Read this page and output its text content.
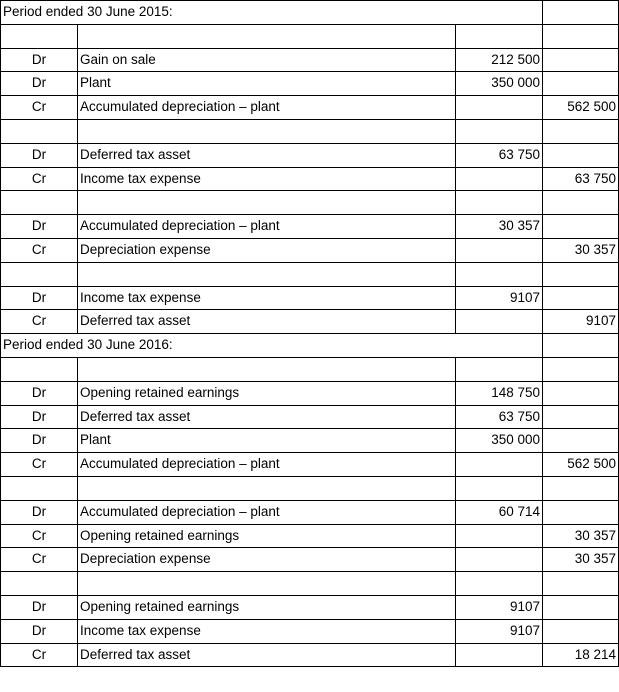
Period ended 30 June 2015:			

Dr	Gain on sale	212 500	
Dr	Plant	350 000	
Cr	Accumulated depreciation – plant		562 500

Dr	Deferred tax asset	63 750	
Cr	Income tax expense		63 750

Dr	Accumulated depreciation – plant	30 357	
Cr	Depreciation expense		30 357

Dr	Income tax expense	9107	
Cr	Deferred tax asset		9107
Period ended 30 June 2016:			

Dr	Opening retained earnings	148 750	
Dr	Deferred tax asset	63 750	
Dr	Plant	350 000	
Cr	Accumulated depreciation – plant		562 500

Dr	Accumulated depreciation – plant	60 714	
Cr	Opening retained earnings		30 357
Cr	Depreciation expense		30 357

Dr	Opening retained earnings	9107	
Dr	Income tax expense	9107	
Cr	Deferred tax asset		18 214
